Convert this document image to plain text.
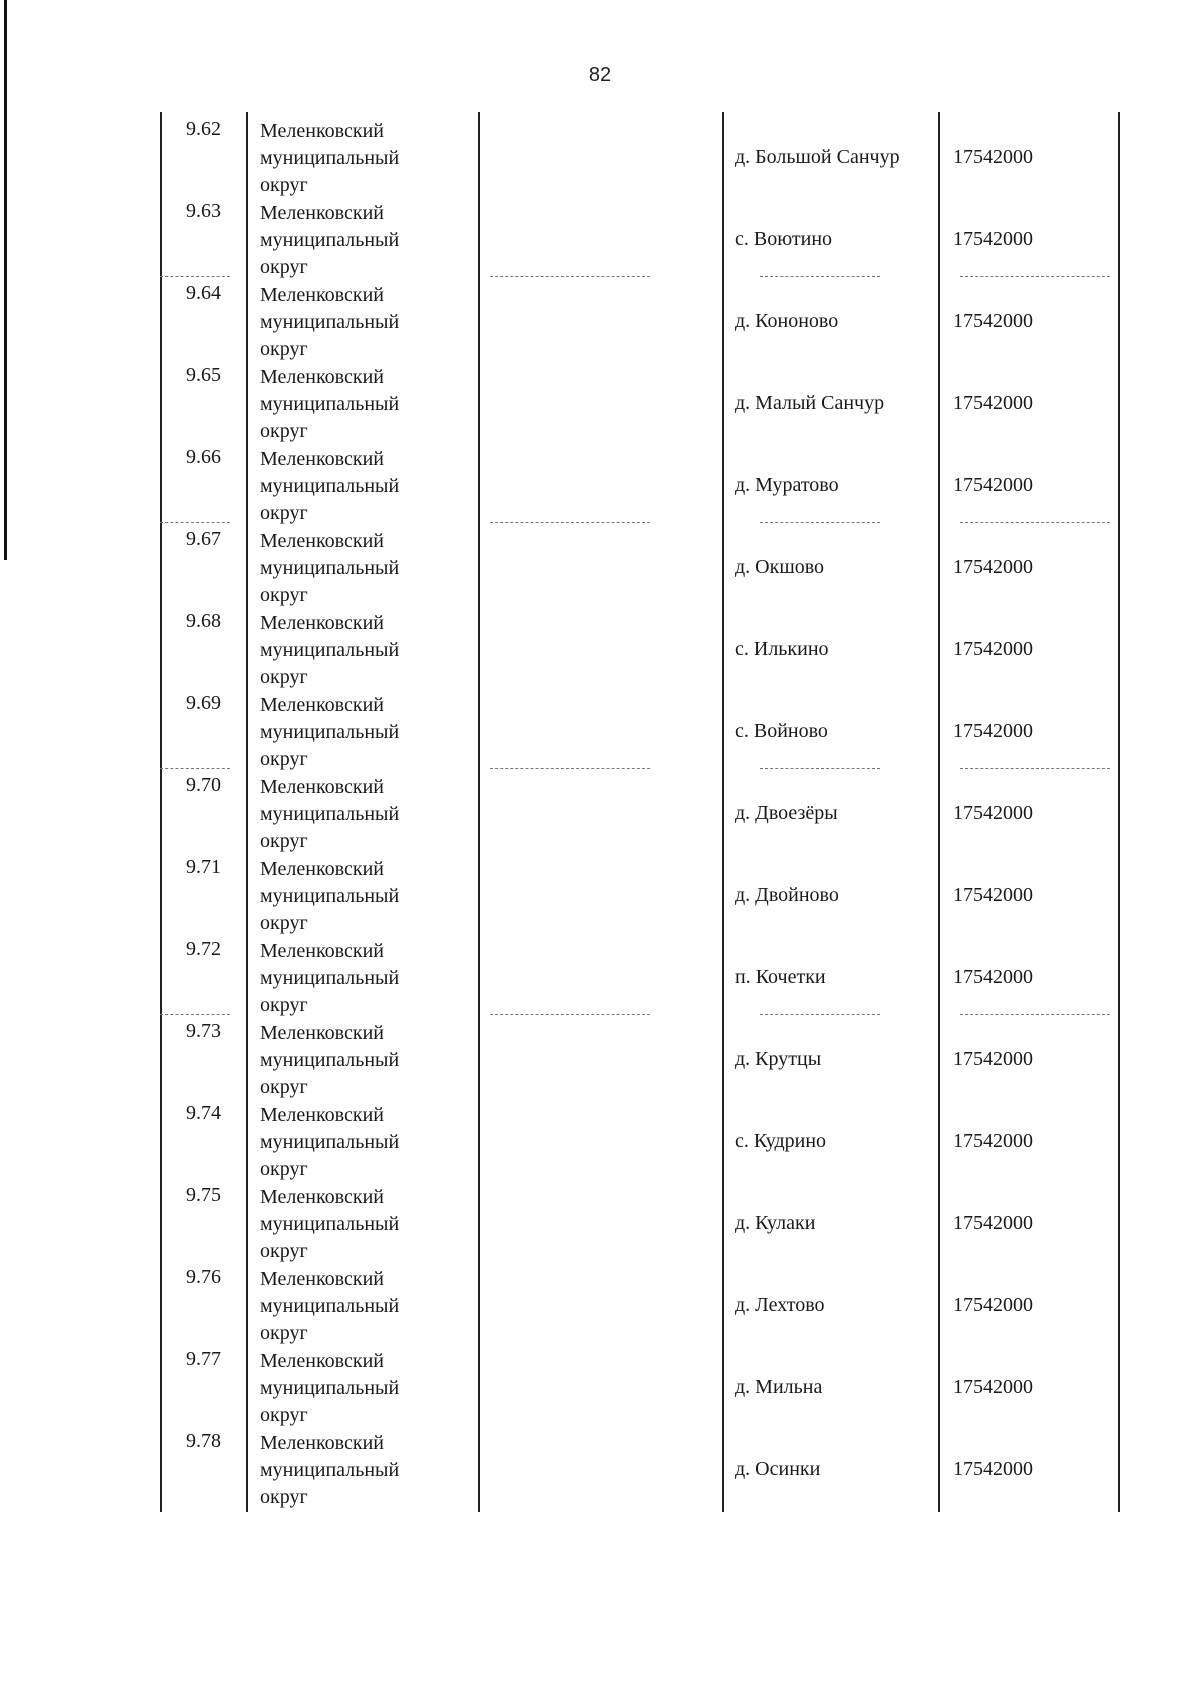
82
9.62 Меленковский
муниципальный
округ
д. Большой Санчур	17542000
9.63 Меленковский
муниципальный
округ
с. Воютино	17542000
9.64 Меленковский
муниципальный
округ
д. Кононово	17542000
9.65 Меленковский
муниципальный
округ
д. Малый Санчур	17542000
9.66 Меленковский
муниципальный
округ
д. Муратово	17542000
9.67 Меленковский
муниципальный
округ
д. Окшово	17542000
9.68 Меленковский
муниципальный
округ
с. Илькино	17542000
9.69 Меленковский
муниципальный
округ
с. Войново	17542000
9.70 Меленковский
муниципальный
округ
д. Двоезёры	17542000
9.71 Меленковский
муниципальный
округ
д. Двойново	17542000
9.72 Меленковский
муниципальный
округ
п. Кочетки	17542000
9.73 Меленковский
муниципальный
округ
д. Крутцы	17542000
9.74 Меленковский
муниципальный
округ
с. Кудрино	17542000
9.75 Меленковский
муниципальный
округ
д. Кулаки	17542000
9.76 Меленковский
муниципальный
округ
д. Лехтово	17542000
9.77 Меленковский
муниципальный
округ
д. Мильна	17542000
9.78 Меленковский
муниципальный
округ
д. Осинки	17542000
